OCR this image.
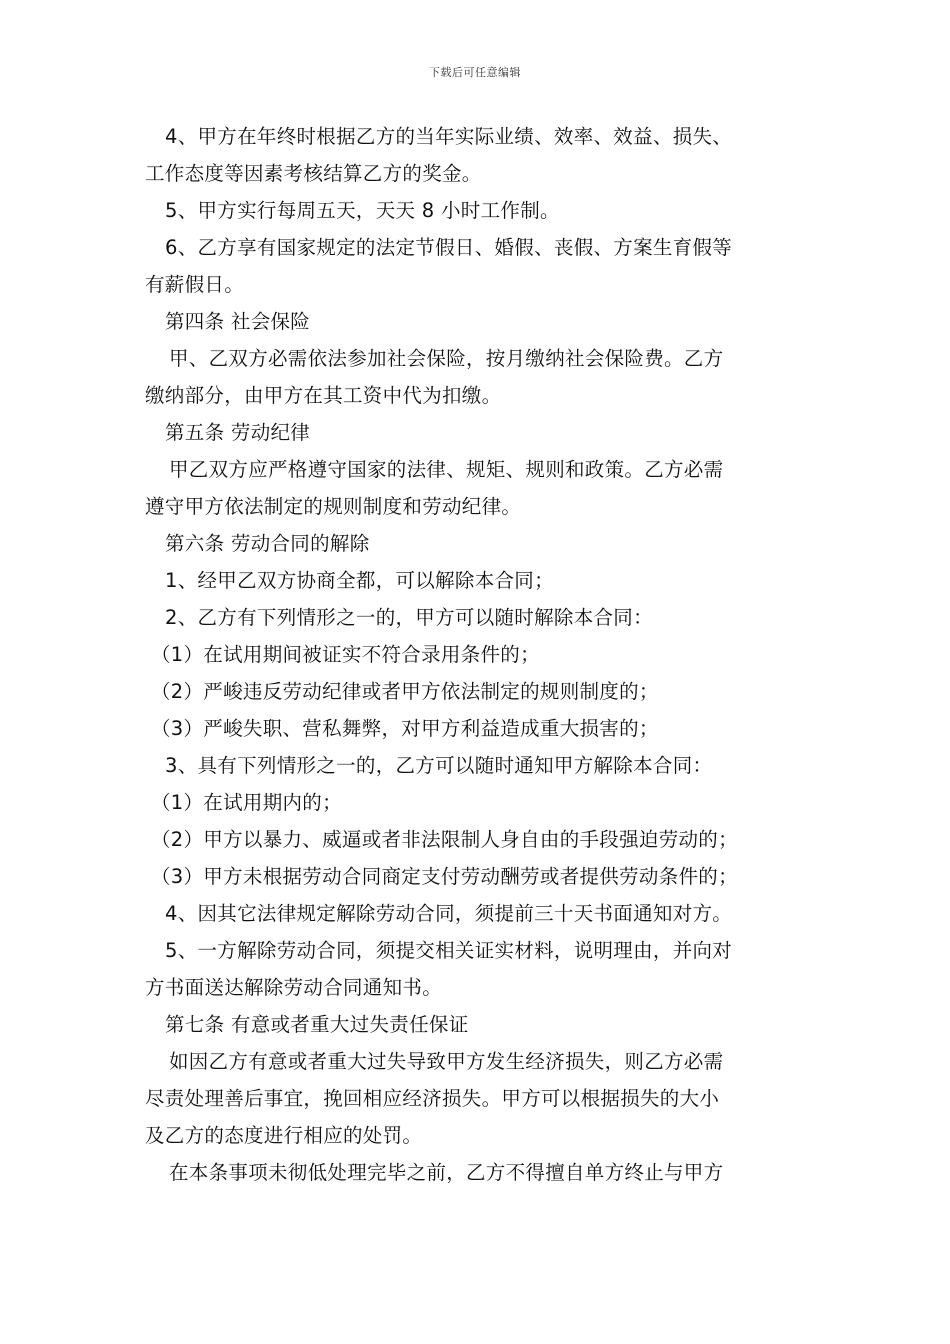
下载后可任意编辑
4、甲方在年终时根据乙方的当年实际业绩、效率、效益、损失、
工作态度等因素考核结算乙方的奖金。
5、甲方实行每周五天，天天 8 小时工作制。
6、乙方享有国家规定的法定节假日、婚假、丧假、方案生育假等
有薪假日。
第四条 社会保险
甲、乙双方必需依法参加社会保险，按月缴纳社会保险费。乙方
缴纳部分，由甲方在其工资中代为扣缴。
第五条 劳动纪律
甲乙双方应严格遵守国家的法律、规矩、规则和政策。乙方必需
遵守甲方依法制定的规则制度和劳动纪律。
第六条 劳动合同的解除
1、经甲乙双方协商全都，可以解除本合同；
2、乙方有下列情形之一的，甲方可以随时解除本合同：
（1）在试用期间被证实不符合录用条件的；
（2）严峻违反劳动纪律或者甲方依法制定的规则制度的；
（3）严峻失职、营私舞弊，对甲方利益造成重大损害的；
3、具有下列情形之一的，乙方可以随时通知甲方解除本合同：
（1）在试用期内的；
（2）甲方以暴力、威逼或者非法限制人身自由的手段强迫劳动的；
（3）甲方未根据劳动合同商定支付劳动酬劳或者提供劳动条件的；
4、因其它法律规定解除劳动合同，须提前三十天书面通知对方。
5、一方解除劳动合同，须提交相关证实材料，说明理由，并向对
方书面送达解除劳动合同通知书。
第七条 有意或者重大过失责任保证
如因乙方有意或者重大过失导致甲方发生经济损失，则乙方必需
尽责处理善后事宜，挽回相应经济损失。甲方可以根据损失的大小
及乙方的态度进行相应的处罚。
在本条事项未彻低处理完毕之前，乙方不得擅自单方终止与甲方
